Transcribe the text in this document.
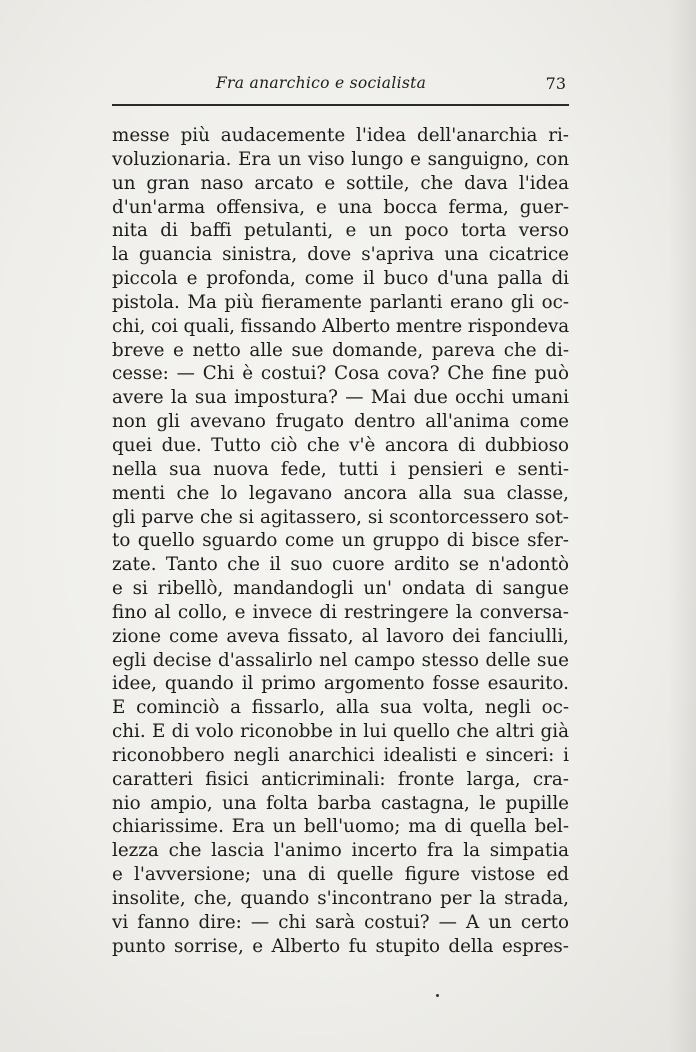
Fra anarchico e socialista	73
messe più audacemente l'idea dell'anarchia ri-
voluzionaria. Era un viso lungo e sanguigno, con
un gran naso arcato e sottile, che dava l'idea
d'un'arma offensiva, e una bocca ferma, guer-
nita di baffi petulanti, e un poco torta verso
la guancia sinistra, dove s'apriva una cicatrice
piccola e profonda, come il buco d'una palla di
pistola. Ma più fieramente parlanti erano gli oc-
chi, coi quali, fissando Alberto mentre rispondeva
breve e netto alle sue domande, pareva che di-
cesse: — Chi è costui? Cosa cova? Che fine può
avere la sua impostura? — Mai due occhi umani
non gli avevano frugato dentro all'anima come
quei due. Tutto ciò che v'è ancora di dubbioso
nella sua nuova fede, tutti i pensieri e senti-
menti che lo legavano ancora alla sua classe,
gli parve che si agitassero, si scontorcessero sot-
to quello sguardo come un gruppo di bisce sfer-
zate. Tanto che il suo cuore ardito se n'adontò
e si ribellò, mandandogli un' ondata di sangue
fino al collo, e invece di restringere la conversa-
zione come aveva fissato, al lavoro dei fanciulli,
egli decise d'assalirlo nel campo stesso delle sue
idee, quando il primo argomento fosse esaurito.
E cominciò a fissarlo, alla sua volta, negli oc-
chi. E di volo riconobbe in lui quello che altri già
riconobbero negli anarchici idealisti e sinceri: i
caratteri fisici anticriminali: fronte larga, cra-
nio ampio, una folta barba castagna, le pupille
chiarissime. Era un bell'uomo; ma di quella bel-
lezza che lascia l'animo incerto fra la simpatia
e l'avversione; una di quelle figure vistose ed
insolite, che, quando s'incontrano per la strada,
vi fanno dire: — chi sarà costui? — A un certo
punto sorrise, e Alberto fu stupito della espres-
